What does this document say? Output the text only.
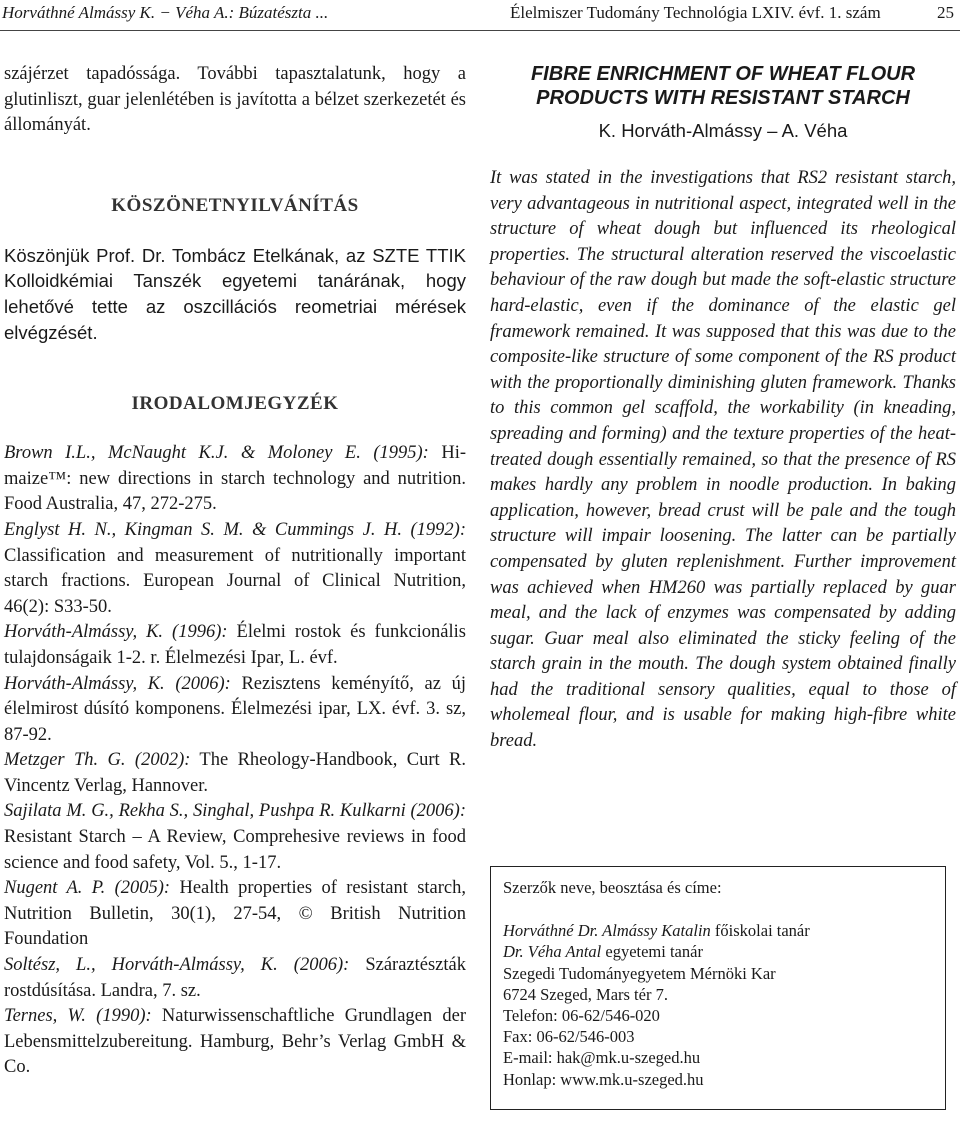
Horváthné Almássy K. − Véha A.: Búzatészta ...	Élelmiszer Tudomány Technológia LXIV. évf. 1. szám	25

szájérzet tapadóssága. További tapasztalatunk, hogy a glutinliszt, guar jelenlétében is javította a bélzet szerkezetét és állományát.

KÖSZÖNETNYILVÁNÍTÁS

Köszönjük Prof. Dr. Tombácz Etelkának, az SZTE TTIK Kolloidkémiai Tanszék egyetemi tanárának, hogy lehetővé tette az oszcillációs reometriai mérések elvégzését.

IRODALOMJEGYZÉK

Brown I.L., McNaught K.J. & Moloney E. (1995): Hi-maize™: new directions in starch technology and nutrition. Food Australia, 47, 272-275.

Englyst H. N., Kingman S. M. & Cummings J. H. (1992): Classification and measurement of nutritionally important starch fractions. European Journal of Clinical Nutrition, 46(2): S33-50.

Horváth-Almássy, K. (1996): Élelmi rostok és funkcionális tulajdonságaik 1-2. r. Élelmezési Ipar, L. évf.

Horváth-Almássy, K. (2006): Rezisztens keményítő, az új élelmirost dúsító komponens. Élelmezési ipar, LX. évf. 3. sz, 87-92.

Metzger Th. G. (2002): The Rheology-Handbook, Curt R. Vincentz Verlag, Hannover.

Sajilata M. G., Rekha S., Singhal, Pushpa R. Kulkarni (2006): Resistant Starch – A Review, Comprehesive reviews in food science and food safety, Vol. 5., 1-17.

Nugent A. P. (2005): Health properties of resistant starch, Nutrition Bulletin, 30(1), 27-54, © British Nutrition Foundation

Soltész, L., Horváth-Almássy, K. (2006): Száraztészták rostdúsítása. Landra, 7. sz.

Ternes, W. (1990): Naturwissenschaftliche Grundlagen der Lebensmittelzubereitung. Hamburg, Behr’s Verlag GmbH & Co.

FIBRE ENRICHMENT OF WHEAT FLOUR
PRODUCTS WITH RESISTANT STARCH
K. Horváth-Almássy – A. Véha

It was stated in the investigations that RS2 resistant starch, very advantageous in nutritional aspect, integrated well in the structure of wheat dough but influenced its rheological properties. The structural alteration reserved the viscoelastic behaviour of the raw dough but made the soft-elastic structure hard-elastic, even if the dominance of the elastic gel framework remained. It was supposed that this was due to the composite-like structure of some component of the RS product with the proportionally diminishing gluten framework. Thanks to this common gel scaffold, the workability (in kneading, spreading and forming) and the texture properties of the heat-treated dough essentially remained, so that the presence of RS makes hardly any problem in noodle production. In baking application, however, bread crust will be pale and the tough structure will impair loosening. The latter can be partially compensated by gluten replenishment. Further improvement was achieved when HM260 was partially replaced by guar meal, and the lack of enzymes was compensated by adding sugar. Guar meal also eliminated the sticky feeling of the starch grain in the mouth. The dough system obtained finally had the traditional sensory qualities, equal to those of wholemeal flour, and is usable for making high-fibre white bread.

Szerzők neve, beosztása és címe:
Horváthné Dr. Almássy Katalin főiskolai tanár
Dr. Véha Antal egyetemi tanár
Szegedi Tudományegyetem Mérnöki Kar
6724 Szeged, Mars tér 7.
Telefon: 06-62/546-020
Fax: 06-62/546-003
E-mail: hak@mk.u-szeged.hu
Honlap: www.mk.u-szeged.hu
